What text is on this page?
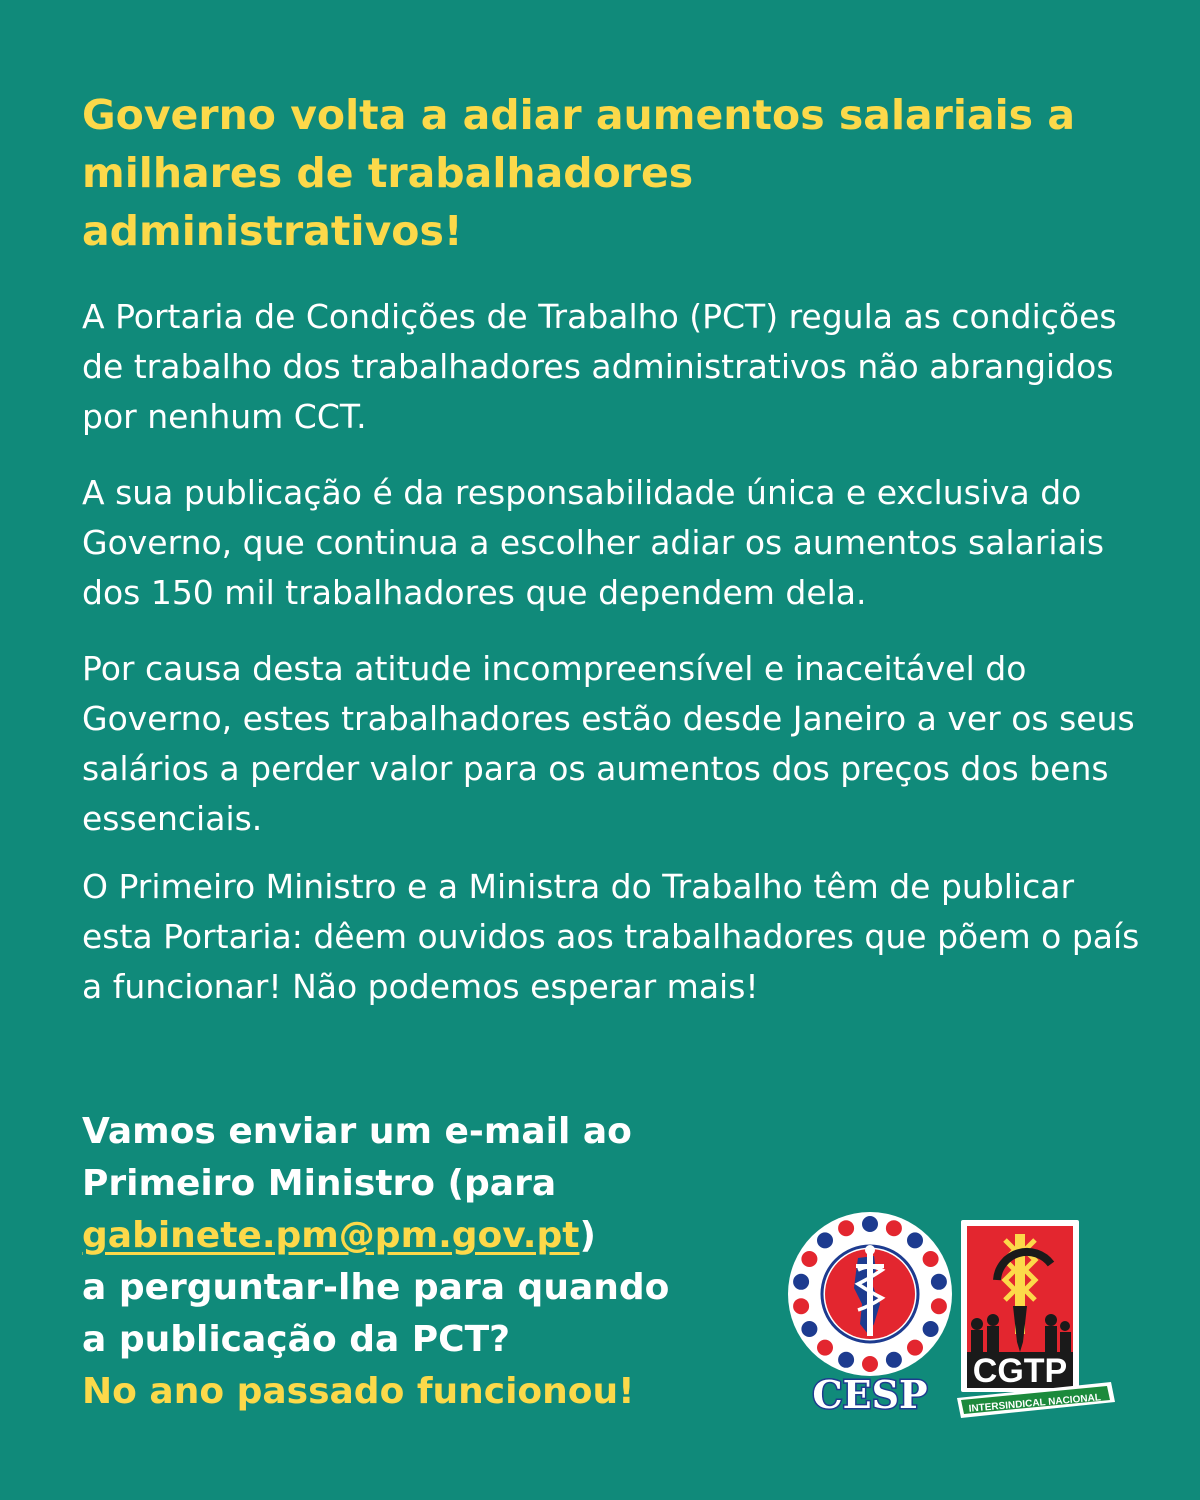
Governo volta a adiar aumentos salariais a
milhares de trabalhadores
administrativos!

A Portaria de Condições de Trabalho (PCT) regula as condições de trabalho dos trabalhadores administrativos não abrangidos por nenhum CCT.

A sua publicação é da responsabilidade única e exclusiva do Governo, que continua a escolher adiar os aumentos salariais dos 150 mil trabalhadores que dependem dela.

Por causa desta atitude incompreensível e inaceitável do Governo, estes trabalhadores estão desde Janeiro a ver os seus salários a perder valor para os aumentos dos preços dos bens essenciais.

O Primeiro Ministro e a Ministra do Trabalho têm de publicar esta Portaria: dêem ouvidos aos trabalhadores que põem o país a funcionar! Não podemos esperar mais!

Vamos enviar um e-mail ao
Primeiro Ministro (para
gabinete.pm@pm.gov.pt)
a perguntar-lhe para quando
a publicação da PCT?
No ano passado funcionou!	CESP
CGTP
INTERSINDICAL NACIONAL
